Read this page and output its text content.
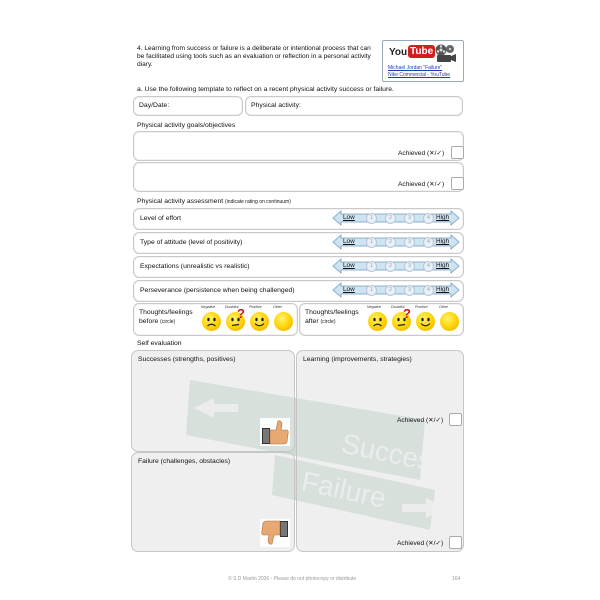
4. Learning from success or failure is a deliberate or intentional process that can be facilitated using tools such as an evaluation or reflection in a personal activity diary.
You Tube
Michael Jordan "Failure"
Nike Commercial - YouTube
a. Use the following template to reflect on a recent physical activity success or failure.
Day/Date:	Physical activity:
Physical activity goals/objectives
Achieved (✕/✓)
Achieved (✕/✓)
Physical activity assessment (indicate rating on continuum)
Level of effort	Low	1	2	3	4 High
Type of attitude (level of positivity)	Low	1	2	3	4 High
Expectations (unrealistic vs realistic)	Low	1	2	3	4 High
Perseverance (persistence when being challenged)	Low	1	2	3	4 High
Thoughts/feelings
before (circle)
Negative	Doubtful
? Positive	Other
Thoughts/feelings
after (circle)
Negative	Doubtful
? Positive	Other
Self evaluation
Successes (strengths, positives)	Learning (improvements, strategies)
Achieved (✕/✓)
Achieved (✕/✓)
Failure (challenges, obstacles)
© S D Martin 2026 - Please do not photocopy or distribute	164
